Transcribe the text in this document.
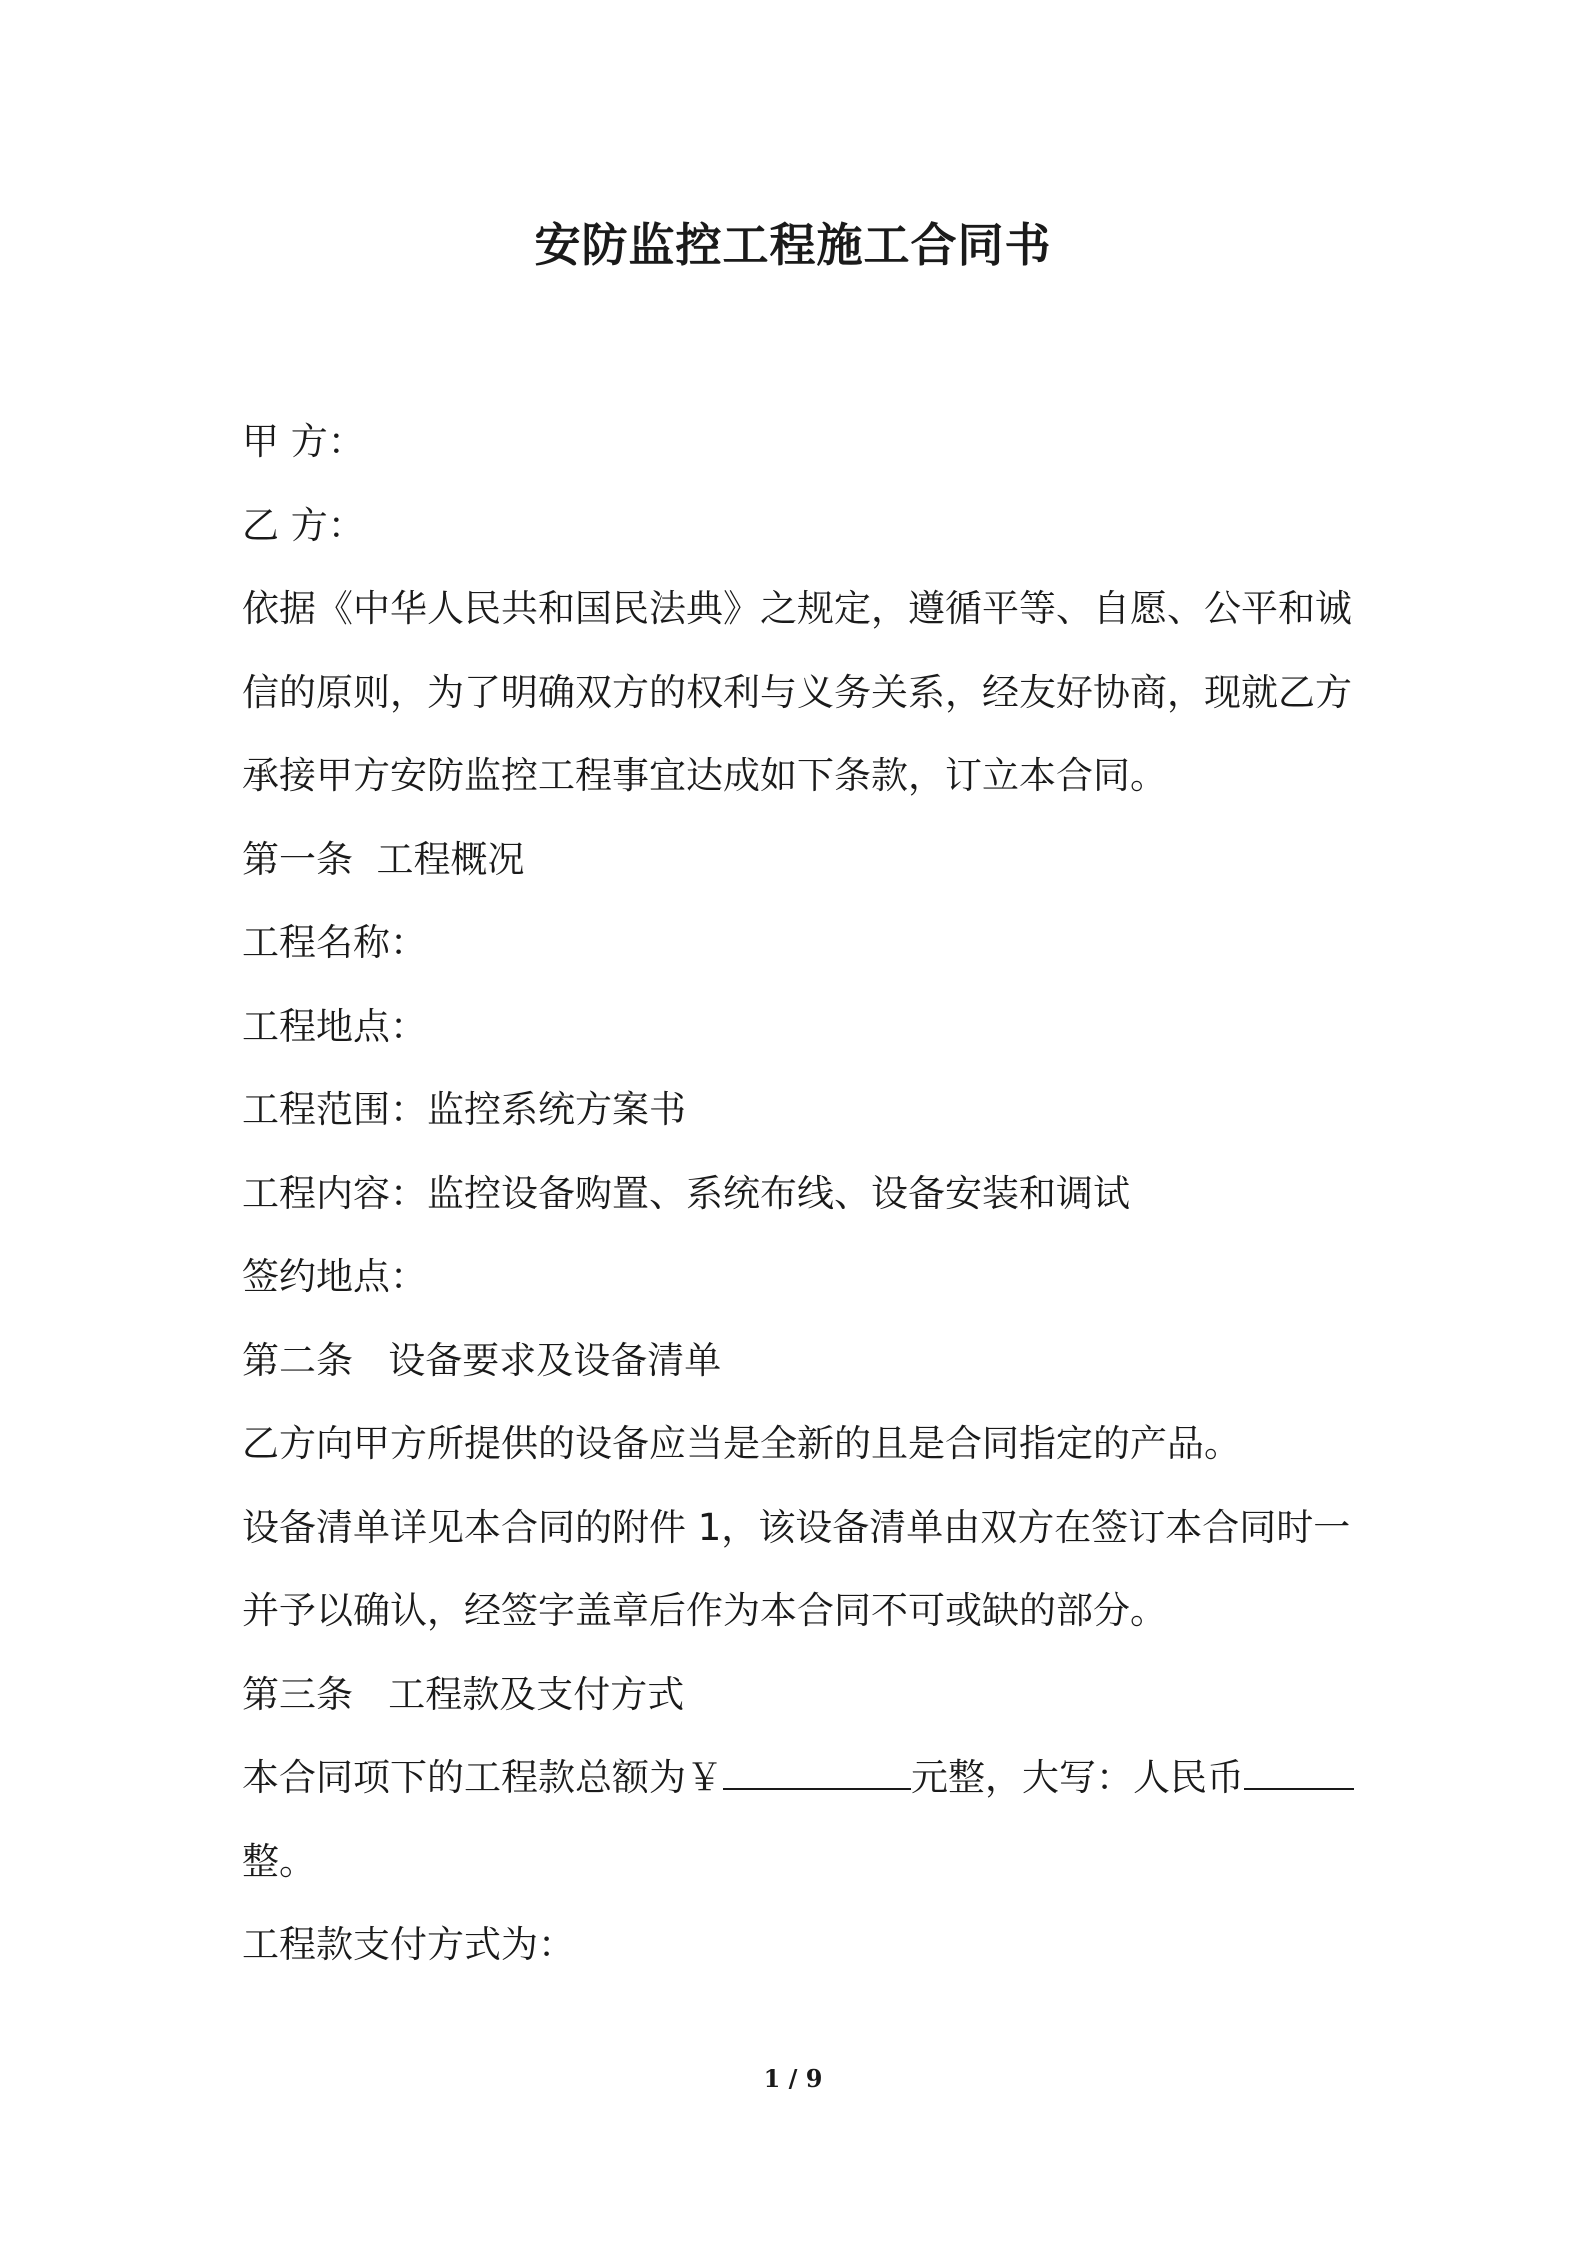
安防监控工程施工合同书
甲 方：
乙 方：
依据《中华人民共和国民法典》之规定，遵循平等、自愿、公平和诚
信的原则，为了明确双方的权利与义务关系，经友好协商，现就乙方
承接甲方安防监控工程事宜达成如下条款，订立本合同。
第一条  工程概况
工程名称：
工程地点：
工程范围：监控系统方案书
工程内容：监控设备购置、系统布线、设备安装和调试
签约地点：
第二条   设备要求及设备清单
乙方向甲方所提供的设备应当是全新的且是合同指定的产品。
设备清单详见本合同的附件 1，该设备清单由双方在签订本合同时一
并予以确认，经签字盖章后作为本合同不可或缺的部分。
第三条   工程款及支付方式
本合同项下的工程款总额为￥	元整，大写：人民币
整。
工程款支付方式为：
1 / 9
